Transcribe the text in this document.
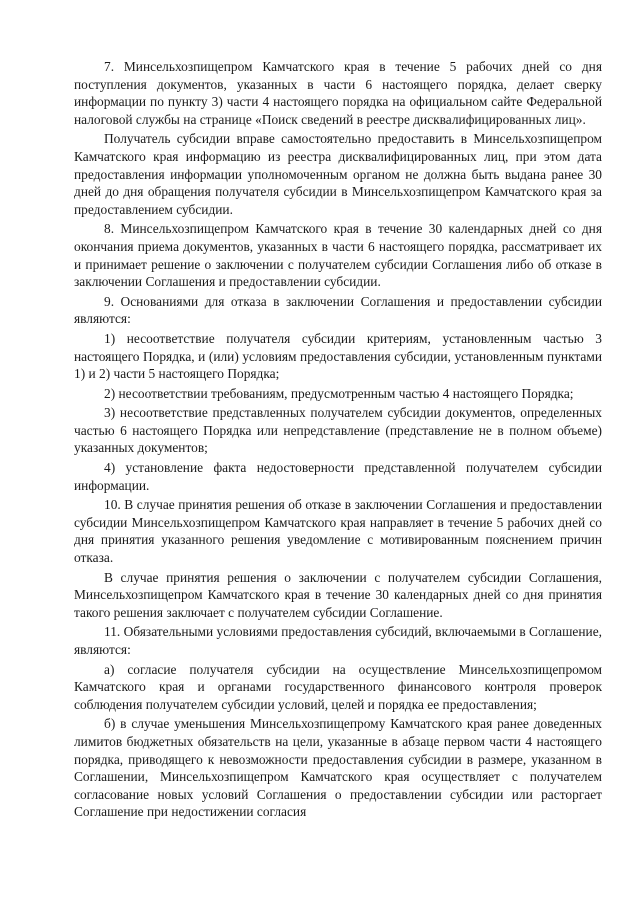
7. Минсельхозпищепром Камчатского края в течение 5 рабочих дней со дня поступления документов, указанных в части 6 настоящего порядка, делает сверку информации по пункту 3) части 4 настоящего порядка на официальном сайте Федеральной налоговой службы на странице «Поиск сведений в реестре дисквалифицированных лиц».

Получатель субсидии вправе самостоятельно предоставить в Минсельхозпищепром Камчатского края информацию из реестра дисквалифицированных лиц, при этом дата предоставления информации уполномоченным органом не должна быть выдана ранее 30 дней до дня обращения получателя субсидии в Минсельхозпищепром Камчатского края за предоставлением субсидии.

8. Минсельхозпищепром Камчатского края в течение 30 календарных дней со дня окончания приема документов, указанных в части 6 настоящего порядка, рассматривает их и принимает решение о заключении с получателем субсидии Соглашения либо об отказе в заключении Соглашения и предоставлении субсидии.

9. Основаниями для отказа в заключении Соглашения и предоставлении субсидии являются:

1) несоответствие получателя субсидии критериям, установленным частью 3 настоящего Порядка, и (или) условиям предоставления субсидии, установленным пунктами 1) и 2) части 5 настоящего Порядка;

2) несоответствии требованиям, предусмотренным частью 4 настоящего Порядка;

3) несоответствие представленных получателем субсидии документов, определенных частью 6 настоящего Порядка или непредставление (представление не в полном объеме) указанных документов;

4) установление факта недостоверности представленной получателем субсидии информации.

10. В случае принятия решения об отказе в заключении Соглашения и предоставлении субсидии Минсельхозпищепром Камчатского края направляет в течение 5 рабочих дней со дня принятия указанного решения уведомление с мотивированным пояснением причин отказа.

В случае принятия решения о заключении с получателем субсидии Соглашения, Минсельхозпищепром Камчатского края в течение 30 календарных дней со дня принятия такого решения заключает с получателем субсидии Соглашение.

11. Обязательными условиями предоставления субсидий, включаемыми в Соглашение, являются:

а) согласие получателя субсидии на осуществление Минсельхозпищепромом Камчатского края и органами государственного финансового контроля проверок соблюдения получателем субсидии условий, целей и порядка ее предоставления;

б) в случае уменьшения Минсельхозпищепрому Камчатского края ранее доведенных лимитов бюджетных обязательств на цели, указанные в абзаце первом части 4 настоящего порядка, приводящего к невозможности предоставления субсидии в размере, указанном в Соглашении, Минсельхозпищепром Камчатского края осуществляет с получателем согласование новых условий Соглашения о предоставлении субсидии или расторгает Соглашение при недостижении согласия
